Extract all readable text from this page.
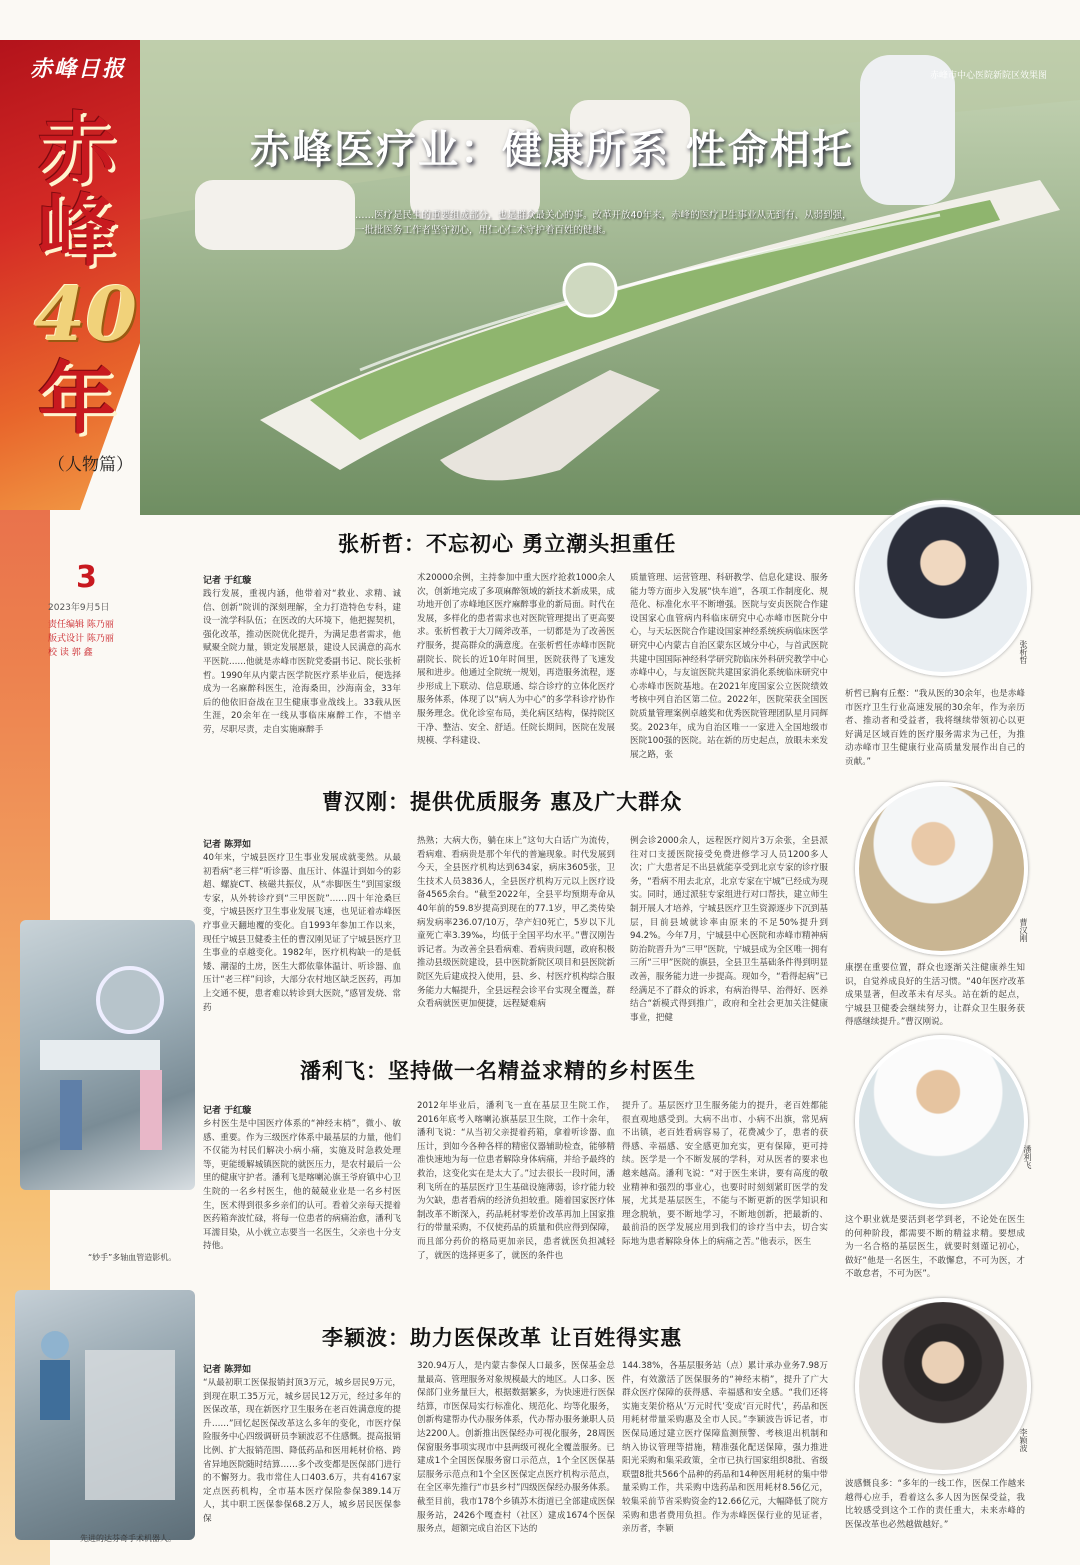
赤峰日报
赤峰医疗业：健康所系 性命相托
……医疗是民生的重要组成部分，也是群众最关心的事。改革开放40年来，赤峰的医疗卫生事业从无到有、从弱到强，一批批医务工作者坚守初心，用仁心仁术守护着百姓的健康。
赤峰市中心医院新院区效果图
赤
峰
40
年
（人物篇）
3
2023年9月5日
责任编辑 陈乃丽
版式设计 陈乃丽
校 读 郭 鑫
“妙手”多轴血管造影机。
先进的达芬奇手术机器人。
张析哲：不忘初心 勇立潮头担重任
记者 于红璇
践行发展，重视内涵，他带着对“救业、求精、诚信、创新”院训的深刻理解，全力打造特色专科，建设一流学科队伍；在医改的大环境下，他把握契机，强化改革，推动医院优化提升，为满足患者需求，他赋聚全院力量，锁定发展愿景，建设人民满意的高水平医院……他就是赤峰市医院党委副书记、院长张析哲。1990年从内蒙古医学院医疗系毕业后，便选择成为一名麻醉科医生，沧海桑田，沙海南金，33年后的他依旧奋战在卫生健康事业战线上。33载从医生涯，20余年在一线从事临床麻醉工作，不惜辛劳，尽职尽责，走自实施麻醉手
术20000余例，主持参加中重大医疗抢救1000余人次，创新地完成了多项麻醉领域的新技术新成果，成功地开创了赤峰地区医疗麻醉事业的新局面。时代在发展，多样化的患者需求也对医院管理提出了更高要求。张析哲教于大刀阔斧改革，一切都是为了改善医疗服务，提高群众的满意度。在张析哲任赤峰市医院副院长、院长的近10年时间里，医院获得了飞速发展和进步。他通过全院统一规划，再造服务流程，逐步形成上下联动、信息联通、综合诊疗的立体化医疗服务体系，体现了以“病人为中心”的多学科诊疗协作服务理念。优化诊室布局，美化病区结构，保持院区干净、整洁、安全、舒适。任院长期间，医院在发展规模、学科建设、
质量管理、运营管理、科研教学、信息化建设、服务能力等方面步入发展“快车道”，各项工作制度化、规范化、标准化水平不断增强。医院与安贞医院合作建设国家心血管病内科临床研究中心赤峰市医院分中心，与天坛医院合作建设国家神经系统疾病临床医学研究中心内蒙古自治区蒙东区域分中心，与首武医院共建中国国际神经科学研究院临床外科研究教学中心赤峰中心，与友谊医院共建国家消化系统临床研究中心赤峰市医院基地。在2021年度国家公立医院绩效考核中列自治区第二位。2022年，医院荣获全国医院质量管理案例卓越奖和优秀医院管理团队星月同辉奖。2023年，成为自治区唯一一家进入全国地级市医院100强的医院。站在新的历史起点，放眼未来发展之路，张
张析哲
析哲已胸有丘壑：“我从医的30余年，也是赤峰市医疗卫生行业高速发展的30余年，作为亲历者、推动者和受益者，我将继续带领初心以更好满足区域百姓的医疗服务需求为己任，为推动赤峰市卫生健康行业高质量发展作出自己的贡献。”
曹汉刚：提供优质服务 惠及广大群众
记者 陈羿如
40年来，宁城县医疗卫生事业发展成就斐然。从最初看病“老三样”听诊器、血压计、体温计到如今的彩超、螺旋CT、核磁共振仪，从“赤脚医生”到国家级专家，从外转诊疗到“三甲医院”……四十年沧桑巨变，宁城县医疗卫生事业发展飞速，也见证着赤峰医疗事业天翻地覆的变化。自1993年参加工作以来，现任宁城县卫健委主任的曹汉刚见证了宁城县医疗卫生事业的卓越变化。1982年，医疗机构缺一的是低矮、潮湿的土房，医生大都依靠体温计、听诊器、血压计“老三样”问诊，大部分农村地区缺乏医药，再加上交通不便，患者难以转诊到大医院，”感冒发烧、常药
热熟；大病大伤，躺在床上”这句大白话广为流传，看病难、看病贵是那个年代的普遍现象。时代发展到今天，全县医疗机构达到634家，病床3605张，卫生技术人员3836人，全县医疗机构万元以上医疗设备4565余台。“截至2022年，全县平均预期寿命从40年前的59.8岁提高到现在的77.1岁，甲乙类传染病发病率236.07/10万，孕产妇0死亡，5岁以下儿童死亡率3.39‰，均低于全国平均水平。”曹汉刚告诉记者。为改善全县看病难、看病贵问题，政府积极推动县级医院建设，县中医院新院区项目和县医院新院区先后建成投入使用，县、乡、村医疗机构综合服务能力大幅提升，全县远程会诊平台实现全覆盖，群众看病就医更加便捷，远程疑难病
例会诊2000余人，远程医疗阅片3万余张，全县派往对口支援医院接受免费进修学习人员1200多人次；广大患者足不出县就能享受到北京专家的诊疗服务，“看病不用去北京，北京专家在宁城”已经成为现实。同时，通过派驻专家组进行对口帮扶，建立师生制开展人才培养，宁城县医疗卫生资源逐步下沉到基层，目前县域就诊率由原来的不足50%提升到94.2%。今年7月，宁城县中心医院和赤峰市精神病防治院晋升为“三甲”医院，宁城县成为全区唯一拥有三所“三甲”医院的旗县，全县卫生基础条件得到明显改善，服务能力进一步提高。现如今，“看得起病”已经满足不了群众的诉求，有病治得早、治得好、医养结合“新模式得到推广，政府和全社会更加关注健康事业，把健
曹汉刚
康摆在重要位置，群众也逐渐关注健康养生知识，自觉养成良好的生活习惯。“40年医疗改革成果显著，但改革未有尽头。站在新的起点，宁城县卫健委会继续努力，让群众卫生服务获得感继续提升。”曹汉刚说。
潘利飞：坚持做一名精益求精的乡村医生
记者 于红璇
乡村医生是中国医疗体系的“神经末梢”，微小、敏感、重要。作为三级医疗体系中最基层的力量，他们不仅能为村民们解决小病小痛，实施及时急救处理等，更能缓解城镇医院的就医压力，是农村最后一公里的健康守护者。潘利飞是喀喇沁旗王爷府镇中心卫生院的一名乡村医生，他的兢兢业业是一名乡村医生，医术得到很多乡亲们的认可。看着父亲每天提着医药箱奔波忙碌，将每一位患者的病痛治愈，潘利飞耳濡目染，从小就立志要当一名医生，父亲也十分支持他。
2012年毕业后，潘利飞一直在基层卫生院工作，2016年底考入喀喇沁旗基层卫生院，工作十余年，潘利飞说：“从当初父亲提着药箱，拿着听诊器、血压计，到如今各种各样的精密仪器辅助检查，能够精准快速地为每一位患者解除身体病痛，并给予最终的救治，这变化实在是太大了。”过去很长一段时间，潘利飞所在的基层医疗卫生基础设施薄弱，诊疗能力较为欠缺，患者看病的经济负担较重。随着国家医疗体制改革不断深入，药品耗材零差价改革再加上国家推行的带量采购，不仅使药品的质量和供应得到保障，而且部分药价的格局更加亲民，患者就医负担减轻了，就医的选择更多了，就医的条件也
提升了。基层医疗卫生服务能力的提升，老百姓都能很直观地感受到。大病不出市、小病不出旗，常见病不出镇，老百姓看病容易了，花费减少了，患者的获得感、幸福感、安全感更加充实，更有保障，更可持续。医学是一个不断发展的学科，对从医者的要求也越来越高。潘利飞说：“对于医生来讲，要有高度的敬业精神和强烈的事业心，也要时时刻刻紧盯医学的发展，尤其是基层医生，不能与不断更新的医学知识和理念脱轨，要不断地学习，不断地创新，把最新的、最前沿的医学发展应用到我们的诊疗当中去，切合实际地为患者解除身体上的病痛之苦。”他表示，医生
潘利飞
这个职业就是要活到老学到老，不论处在医生的何种阶段，都需要不断的精益求精。要想成为一名合格的基层医生，就要时刻谨记初心，做好“他是一名医生，不敢懈怠，不可为医，才不敢怠者，不可为医”。
李颖波：助力医保改革 让百姓得实惠
记者 陈羿如
“从最初职工医保报销封顶3万元，城乡居民9万元，到现在职工35万元，城乡居民12万元，经过多年的医保改革，现在新医疗卫生服务在老百姓满意度的提升……”回忆起医保改革这么多年的变化，市医疗保险服务中心四级调研员李颖波忍不住感慨。提高报销比例、扩大报销范围、降低药品和医用耗材价格、跨省异地医院随时结算……多个改变都是医保部门进行的不懈努力。我市常住人口403.6万，共有4167家定点医药机构，全市基本医疗保险参保389.14万人，其中职工医保参保68.2万人，城乡居民医保参保
320.94万人，是内蒙古参保人口最多，医保基金总量最高、管理服务对象规模最大的地区。人口多、医保部门业务量巨大，根据数据繁多，为快速进行医保结算，市医保局实行标准化、规范化、均等化服务，创新构建帮办代办服务体系，代办帮办服务兼职人员达2200人。创新推出医保经办可视化服务，28周医保窗服务事项实现市中县两级可视化全覆盖服务。已建成1个全国医保服务窗口示范点，1个全区医保基层服务示范点和1个全区医保定点医疗机构示范点，在全区率先推行“市县乡村”四级医保经办服务体系。截至目前，我市178个乡镇苏木街道已全部建成医保服务站，2426个嘎查村（社区）建成1674个医保服务点，超额完成自治区下达的
144.38%，各基层服务站（点）累计承办业务7.98万件，有效激活了医保服务的“神经末梢”，提升了广大群众医疗保障的获得感、幸福感和安全感。“我们还将实施支架价格从‘万元时代’变成‘百元时代’，药品和医用耗材带量采购惠及全市人民。”李颖波告诉记者，市医保局通过建立医疗保障监测预警、考核退出机制和纳入协议管理等措施，精准强化配送保障，强力推进阳光采购和集采政策，全市已执行国家组织8批、省级联盟8批共566个品种的药品和14种医用耗材的集中带量采购工作，共采购中选药品和医用耗材8.56亿元，较集采前节省采购资金约12.66亿元，大幅降低了院方采购和患者费用负担。作为赤峰医保行业的见证者，亲历者，李颖
李颖波
波感慨良多：“多年的一线工作，医保工作越来越得心应手，看着这么多人因为医保受益，我比较感受到这个工作的责任重大，未来赤峰的医保改革也必然越做越好。”
